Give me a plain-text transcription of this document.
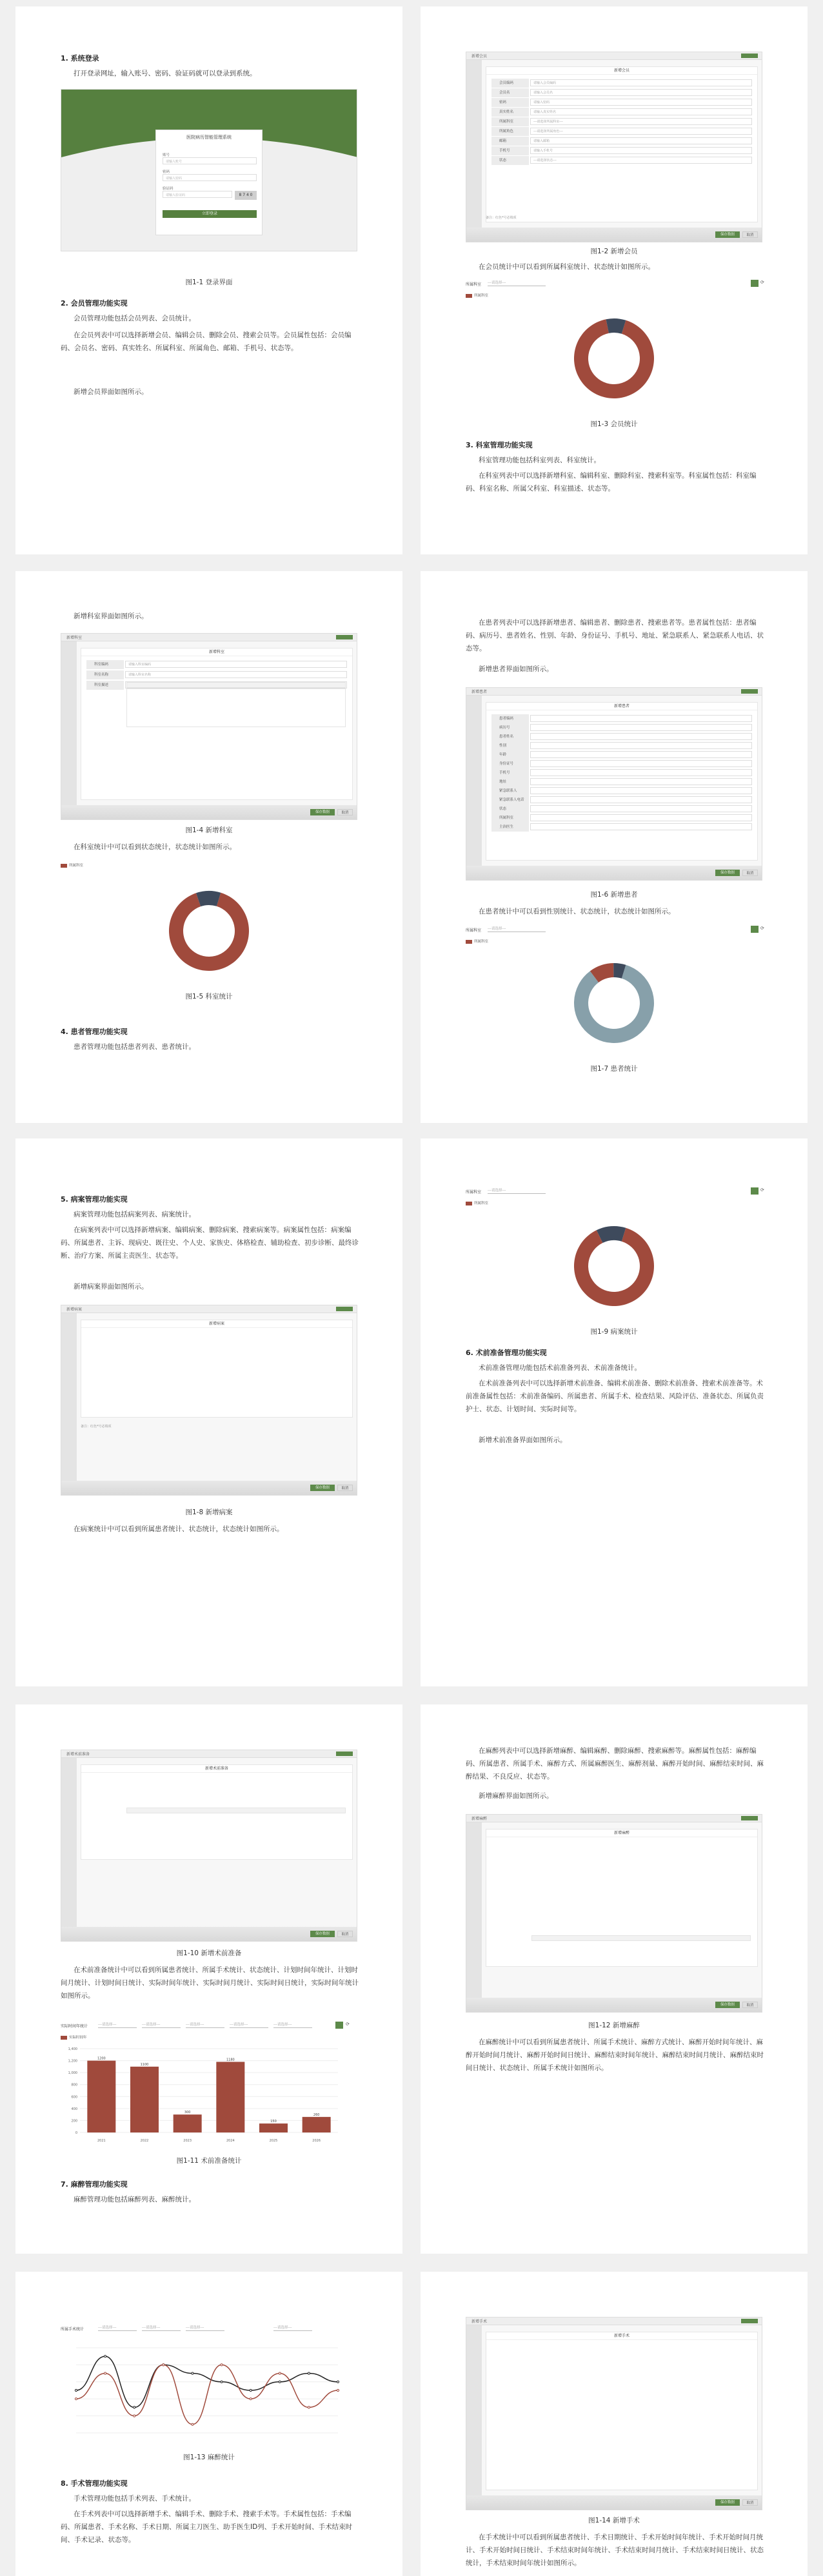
1. 系统登录
打开登录网址，输入账号、密码、验证码就可以登录到系统。
医院病历智能管理系统
账号
请输入账号
密码
请输入密码
验证码
请输入验证码	8 7 4 0
立即登录
图1-1 登录界面
2. 会员管理功能实现
会员管理功能包括会员列表、会员统计。
在会员列表中可以选择新增会员、编辑会员、删除会员、搜索会员等。会员属性包括：会员编码、会员名、密码、真实姓名、所属科室、所属角色、邮箱、手机号、状态等。
新增会员界面如图所示。
新增会员
新增会员
会员编码	请输入会员编码
会员名	请输入会员名
密码	请输入密码
真实姓名	请输入真实姓名
所属科室	---请选择所属科室---
所属角色	---请选择所属角色---
邮箱	请输入邮箱
手机号	请输入手机号
状态	---请选择状态---
备注：红色*号必填项
保存数据	取消
图1-2 新增会员
在会员统计中可以看到所属科室统计、状态统计如图所示。
所属科室 ---请选择---	⟳
所属科室
图1-3 会员统计
3. 科室管理功能实现
科室管理功能包括科室列表、科室统计。
在科室列表中可以选择新增科室、编辑科室、删除科室、搜索科室等。科室属性包括：科室编码、科室名称、所属父科室、科室描述、状态等。
新增科室界面如图所示。
新增科室
新增科室
科室编码	请输入科室编码
科室名称	请输入科室名称
科室描述
保存数据	取消
图1-4 新增科室
在科室统计中可以看到状态统计，状态统计如图所示。
所属科室
图1-5 科室统计
4. 患者管理功能实现
患者管理功能包括患者列表、患者统计。
在患者列表中可以选择新增患者、编辑患者、删除患者、搜索患者等。患者属性包括：患者编码、病历号、患者姓名、性别、年龄、身份证号、手机号、地址、紧急联系人、紧急联系人电话、状态等。
新增患者界面如图所示。
新增患者
新增患者
患者编码
病历号
患者姓名
性别
年龄
身份证号
手机号
地址
紧急联系人
紧急联系人电话
状态
所属科室
主治医生
保存数据	取消
图1-6 新增患者
在患者统计中可以看到性别统计、状态统计，状态统计如图所示。
所属科室 ---请选择---	⟳
所属科室
图1-7 患者统计
5. 病案管理功能实现
病案管理功能包括病案列表、病案统计。
在病案列表中可以选择新增病案、编辑病案、删除病案、搜索病案等。病案属性包括：病案编码、所属患者、主诉、现病史、既往史、个人史、家族史、体格检查、辅助检查、初步诊断、最终诊断、治疗方案、所属主责医生、状态等。
新增病案界面如图所示。
新增病案
新增病案
备注：红色*号必填项
保存数据	取消
图1-8 新增病案
在病案统计中可以看到所属患者统计、状态统计，状态统计如图所示。
所属科室 ---请选择---	⟳
所属科室
图1-9 病案统计
6. 术前准备管理功能实现
术前准备管理功能包括术前准备列表、术前准备统计。
在术前准备列表中可以选择新增术前准备、编辑术前准备、删除术前准备、搜索术前准备等。术前准备属性包括：术前准备编码、所属患者、所属手术、检查结果、风险评估、准备状态、所属负责护士、状态、计划时间、实际时间等。
新增术前准备界面如图所示。
新增术前准备
新增术前准备
保存数据	取消
图1-10 新增术前准备
在术前准备统计中可以看到所属患者统计、所属手术统计、状态统计、计划时间年统计、计划时间月统计、计划时间日统计、实际时间年统计、实际时间月统计、实际时间日统计，实际时间年统计如图所示。
实际时间年统计	---请选择---	---请选择---	---请选择---	---请选择---	---请选择---	⟳
实际时间年
0
200
400
600
800
1,000
1,200
1,400
1200
2021
1100
2022
300
2023
1180
2024
150
2025
260
2026
图1-11 术前准备统计
7. 麻醉管理功能实现
麻醉管理功能包括麻醉列表、麻醉统计。
在麻醉列表中可以选择新增麻醉、编辑麻醉、删除麻醉、搜索麻醉等。麻醉属性包括：麻醉编码、所属患者、所属手术、麻醉方式、所属麻醉医生、麻醉剂量、麻醉开始时间、麻醉结束时间、麻醉结果、不良反应、状态等。
新增麻醉界面如图所示。
新增麻醉
新增麻醉
保存数据	取消
图1-12 新增麻醉
在麻醉统计中可以看到所属患者统计、所属手术统计、麻醉方式统计、麻醉开始时间年统计、麻醉开始时间月统计、麻醉开始时间日统计、麻醉结束时间年统计、麻醉结束时间月统计、麻醉结束时间日统计、状态统计、所属手术统计如图所示。
所属手术统计	---请选择---	---请选择---	---请选择---	---请选择---
图1-13 麻醉统计
8. 手术管理功能实现
手术管理功能包括手术列表、手术统计。
在手术列表中可以选择新增手术、编辑手术、删除手术、搜索手术等。手术属性包括：手术编码、所属患者、手术名称、手术日期、所属主刀医生、助手医生ID列、手术开始时间、手术结束时间、手术记录、状态等。
新增手术
新增手术
保存数据	取消
图1-14 新增手术
在手术统计中可以看到所属患者统计、手术日期统计、手术开始时间年统计、手术开始时间月统计、手术开始时间日统计、手术结束时间年统计、手术结束时间月统计、手术结束时间日统计、状态统计，手术结束时间年统计如图所示。
